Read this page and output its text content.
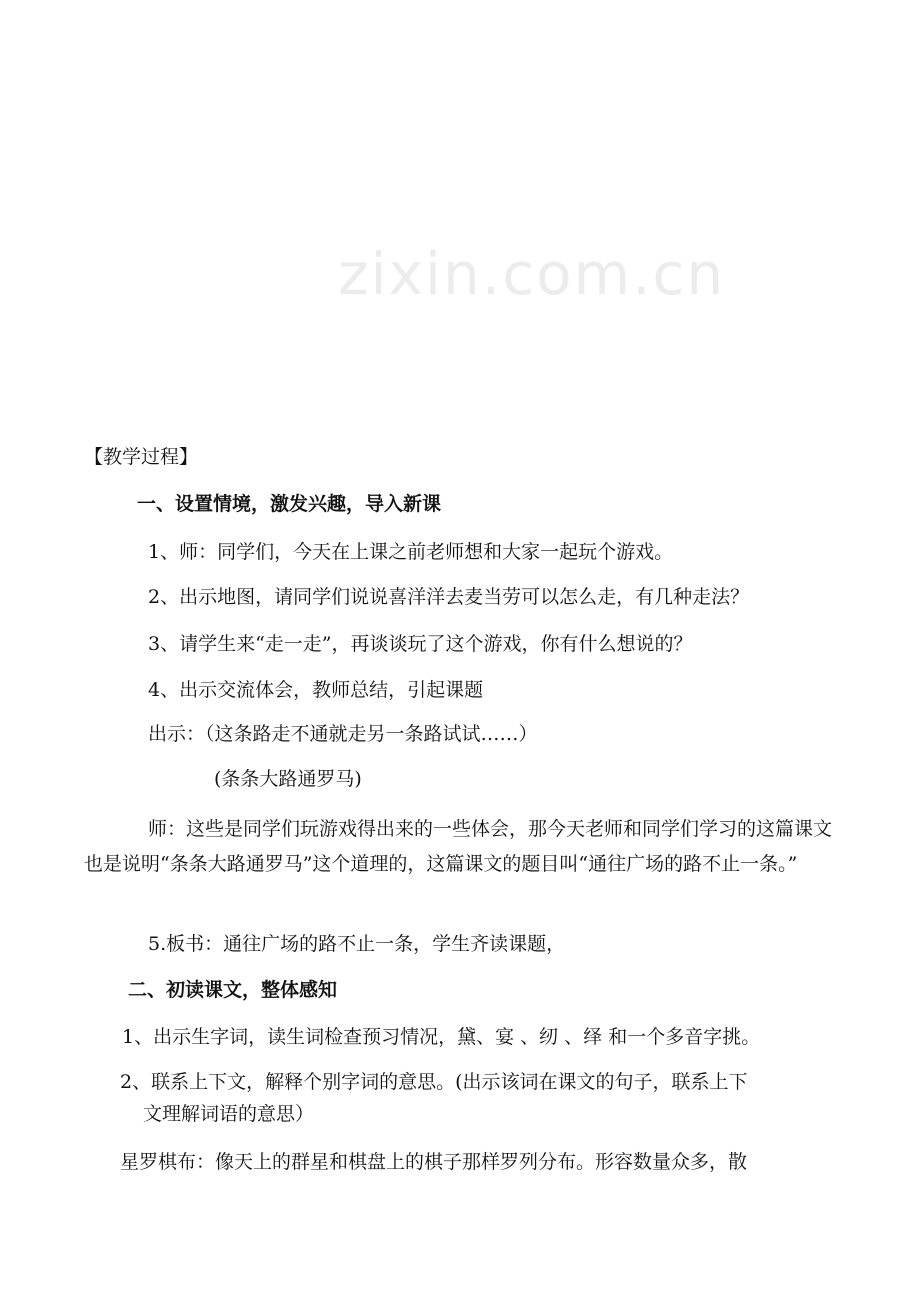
zixin.com.cn
【教学过程】
一、设置情境，激发兴趣，导入新课
1、师：同学们，今天在上课之前老师想和大家一起玩个游戏。
2、出示地图，请同学们说说喜洋洋去麦当劳可以怎么走，有几种走法？
3、请学生来“走一走”，再谈谈玩了这个游戏，你有什么想说的？
4、出示交流体会，教师总结，引起课题
出示：（这条路走不通就走另一条路试试……）
(条条大路通罗马)
师：这些是同学们玩游戏得出来的一些体会，那今天老师和同学们学习的这篇课文也是说明“条条大路通罗马”这个道理的，这篇课文的题目叫“通往广场的路不止一条。”
5.板书：通往广场的路不止一条，学生齐读课题，
二、初读课文，整体感知
1、出示生字词，读生词检查预习情况，黛、宴 、纫 、绎 和一个多音字挑。
2、联系上下文，解释个别字词的意思。(出示该词在课文的句子，联系上下
文理解词语的意思）
星罗棋布：像天上的群星和棋盘上的棋子那样罗列分布。形容数量众多，散
